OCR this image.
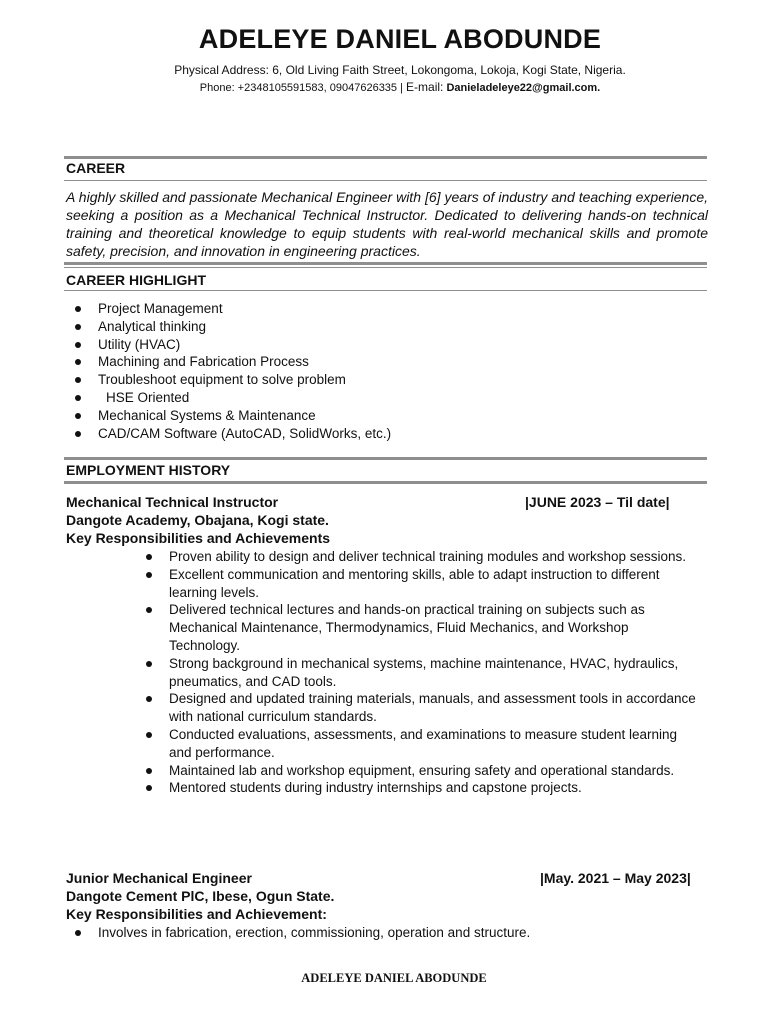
ADELEYE DANIEL ABODUNDE
Physical Address: 6, Old Living Faith Street, Lokongoma, Lokoja, Kogi State, Nigeria.
Phone: +2348105591583, 09047626335 | E-mail: Danieladeleye22@gmail.com.
CAREER
A highly skilled and passionate Mechanical Engineer with [6] years of industry and teaching experience, seeking a position as a Mechanical Technical Instructor. Dedicated to delivering hands-on technical training and theoretical knowledge to equip students with real-world mechanical skills and promote safety, precision, and innovation in engineering practices.
CAREER HIGHLIGHT
Project Management
Analytical thinking
Utility (HVAC)
Machining and Fabrication Process
Troubleshoot equipment to solve problem
HSE Oriented
Mechanical Systems & Maintenance
CAD/CAM Software (AutoCAD, SolidWorks, etc.)
EMPLOYMENT HISTORY
Mechanical Technical Instructor	|JUNE 2023 – Til date|
Dangote Academy, Obajana, Kogi state.
Key Responsibilities and Achievements
Proven ability to design and deliver technical training modules and workshop sessions.
Excellent communication and mentoring skills, able to adapt instruction to different learning levels.
Delivered technical lectures and hands-on practical training on subjects such as Mechanical Maintenance, Thermodynamics, Fluid Mechanics, and Workshop Technology.
Strong background in mechanical systems, machine maintenance, HVAC, hydraulics, pneumatics, and CAD tools.
Designed and updated training materials, manuals, and assessment tools in accordance with national curriculum standards.
Conducted evaluations, assessments, and examinations to measure student learning and performance.
Maintained lab and workshop equipment, ensuring safety and operational standards.
Mentored students during industry internships and capstone projects.
Junior Mechanical Engineer	|May. 2021 – May 2023|
Dangote Cement PlC, Ibese, Ogun State.
Key Responsibilities and Achievement:
Involves in fabrication, erection, commissioning, operation and structure.
ADELEYE DANIEL ABODUNDE
